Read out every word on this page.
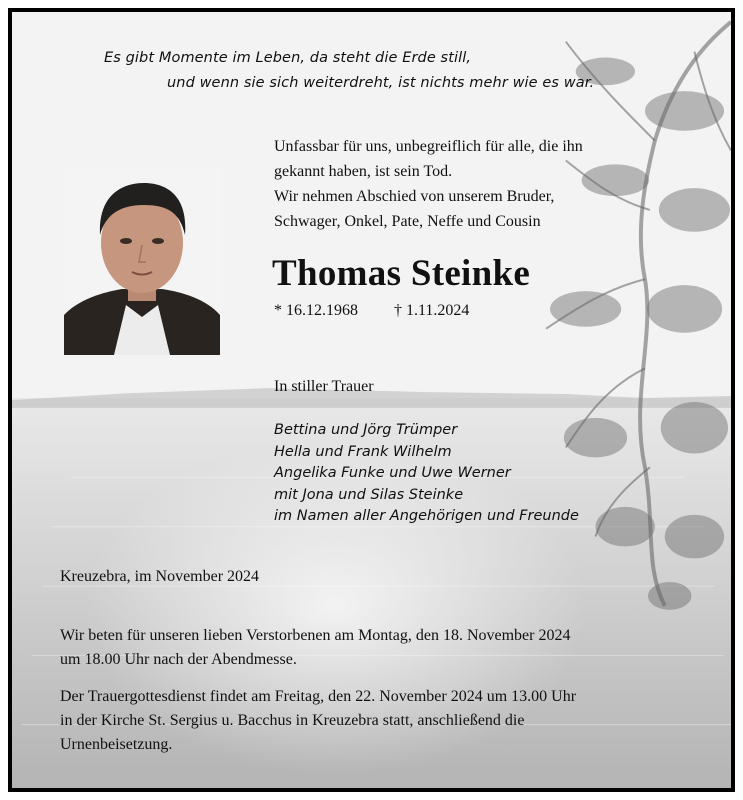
Es gibt Momente im Leben, da steht die Erde still,
und wenn sie sich weiterdreht, ist nichts mehr wie es war.
Unfassbar für uns, unbegreiflich für alle, die ihn
gekannt haben, ist sein Tod.
Wir nehmen Abschied von unserem Bruder,
Schwager, Onkel, Pate, Neffe und Cousin
Thomas Steinke
* 16.12.1968 † 1.11.2024
In stiller Trauer
Bettina und Jörg Trümper
Hella und Frank Wilhelm
Angelika Funke und Uwe Werner
mit Jona und Silas Steinke
im Namen aller Angehörigen und Freunde
Kreuzebra, im November 2024
Wir beten für unseren lieben Verstorbenen am Montag, den 18. November 2024
um 18.00 Uhr nach der Abendmesse.
Der Trauergottesdienst findet am Freitag, den 22. November 2024 um 13.00 Uhr
in der Kirche St. Sergius u. Bacchus in Kreuzebra statt, anschließend die
Urnenbeisetzung.
